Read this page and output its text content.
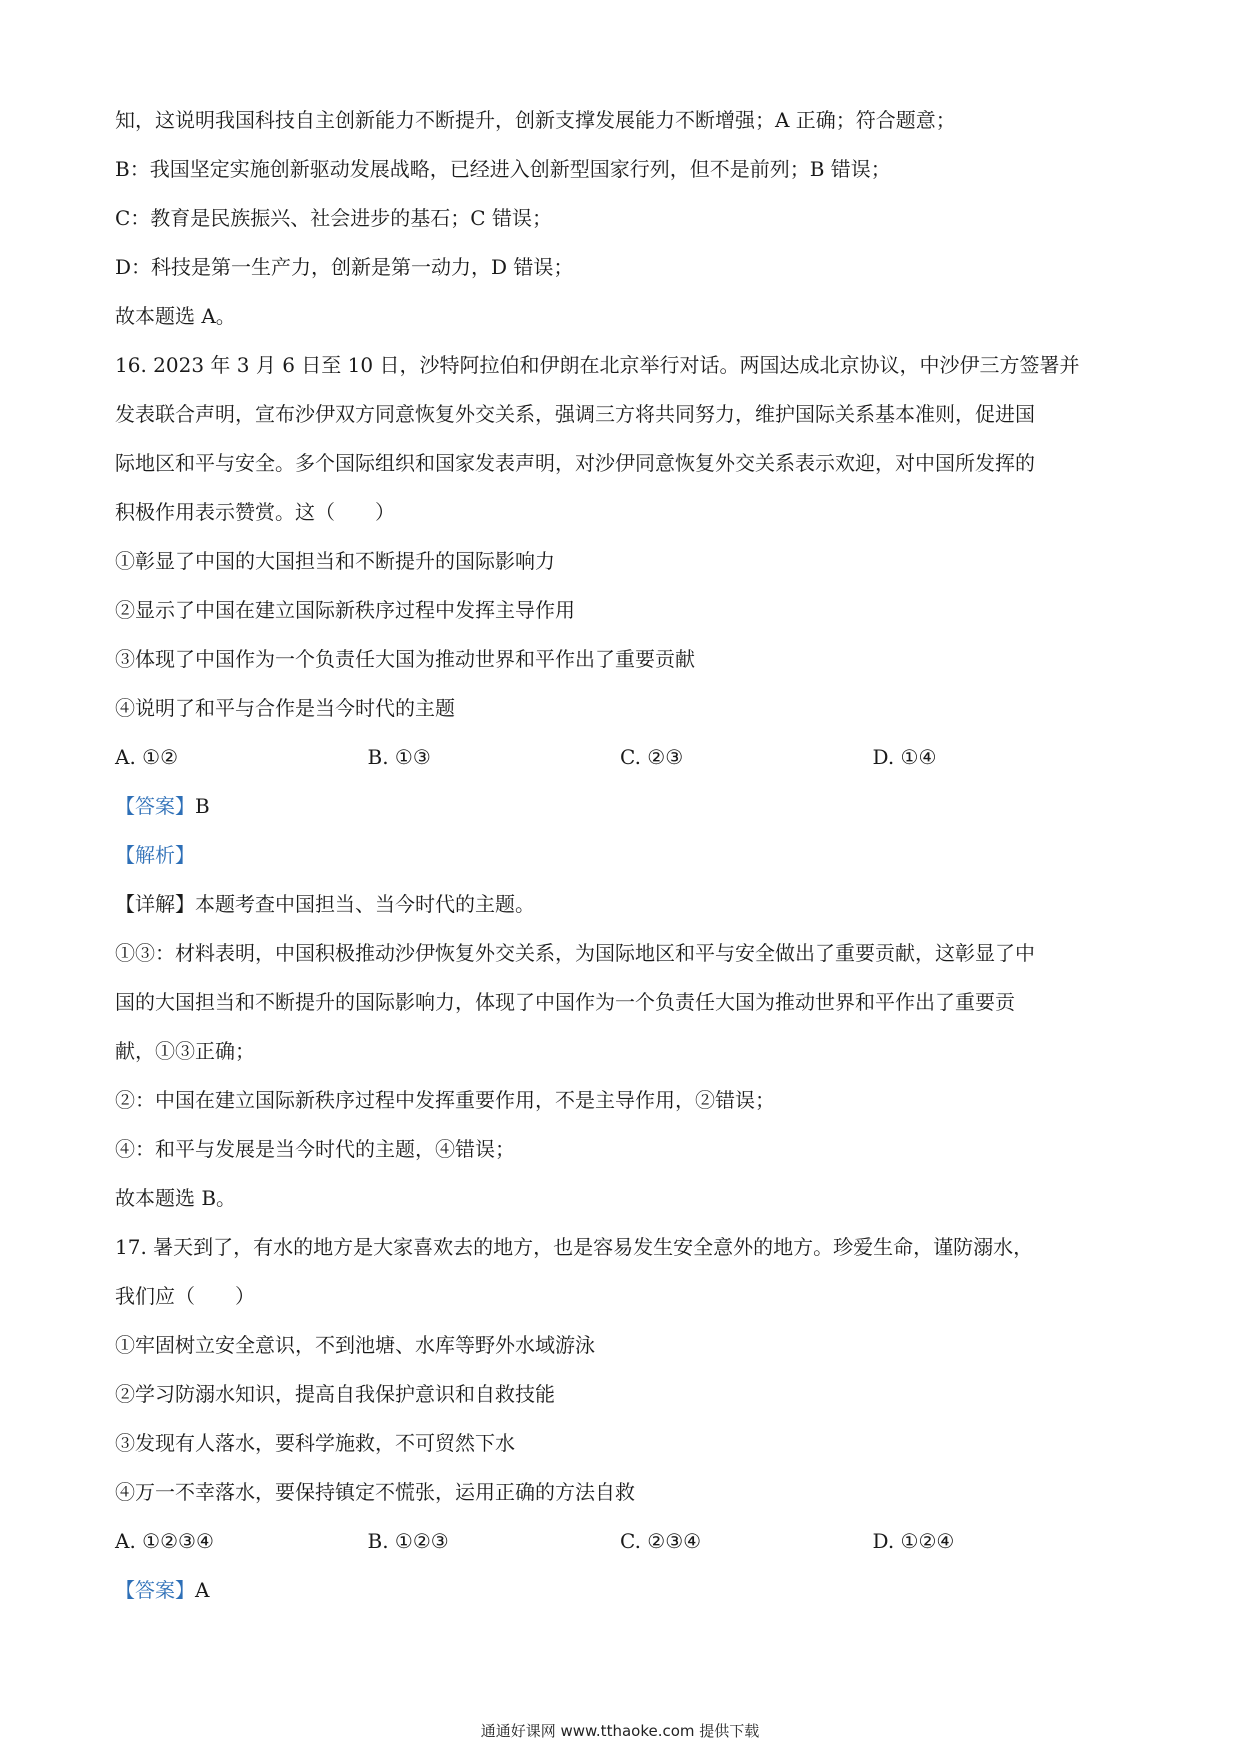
知，这说明我国科技自主创新能力不断提升，创新支撑发展能力不断增强；A 正确；符合题意；
B：我国坚定实施创新驱动发展战略，已经进入创新型国家行列，但不是前列；B 错误；
C：教育是民族振兴、社会进步的基石；C 错误；
D：科技是第一生产力，创新是第一动力，D 错误；
故本题选 A。
16. 2023 年 3 月 6 日至 10 日，沙特阿拉伯和伊朗在北京举行对话。两国达成北京协议，中沙伊三方签署并
发表联合声明，宣布沙伊双方同意恢复外交关系，强调三方将共同努力，维护国际关系基本准则，促进国
际地区和平与安全。多个国际组织和国家发表声明，对沙伊同意恢复外交关系表示欢迎，对中国所发挥的
积极作用表示赞赏。这（　　）
①彰显了中国的大国担当和不断提升的国际影响力
②显示了中国在建立国际新秩序过程中发挥主导作用
③体现了中国作为一个负责任大国为推动世界和平作出了重要贡献
④说明了和平与合作是当今时代的主题
A. ①②	B. ①③	C. ②③	D. ①④
【答案】B
【解析】
【详解】本题考查中国担当、当今时代的主题。
①③：材料表明，中国积极推动沙伊恢复外交关系，为国际地区和平与安全做出了重要贡献，这彰显了中
国的大国担当和不断提升的国际影响力，体现了中国作为一个负责任大国为推动世界和平作出了重要贡
献，①③正确；
②：中国在建立国际新秩序过程中发挥重要作用，不是主导作用，②错误；
④：和平与发展是当今时代的主题，④错误；
故本题选 B。
17. 暑天到了，有水的地方是大家喜欢去的地方，也是容易发生安全意外的地方。珍爱生命，谨防溺水，
我们应（　　）
①牢固树立安全意识，不到池塘、水库等野外水域游泳
②学习防溺水知识，提高自我保护意识和自救技能
③发现有人落水，要科学施救，不可贸然下水
④万一不幸落水，要保持镇定不慌张，运用正确的方法自救
A. ①②③④	B. ①②③	C. ②③④	D. ①②④
【答案】A
通通好课网 www.tthaoke.com 提供下载
